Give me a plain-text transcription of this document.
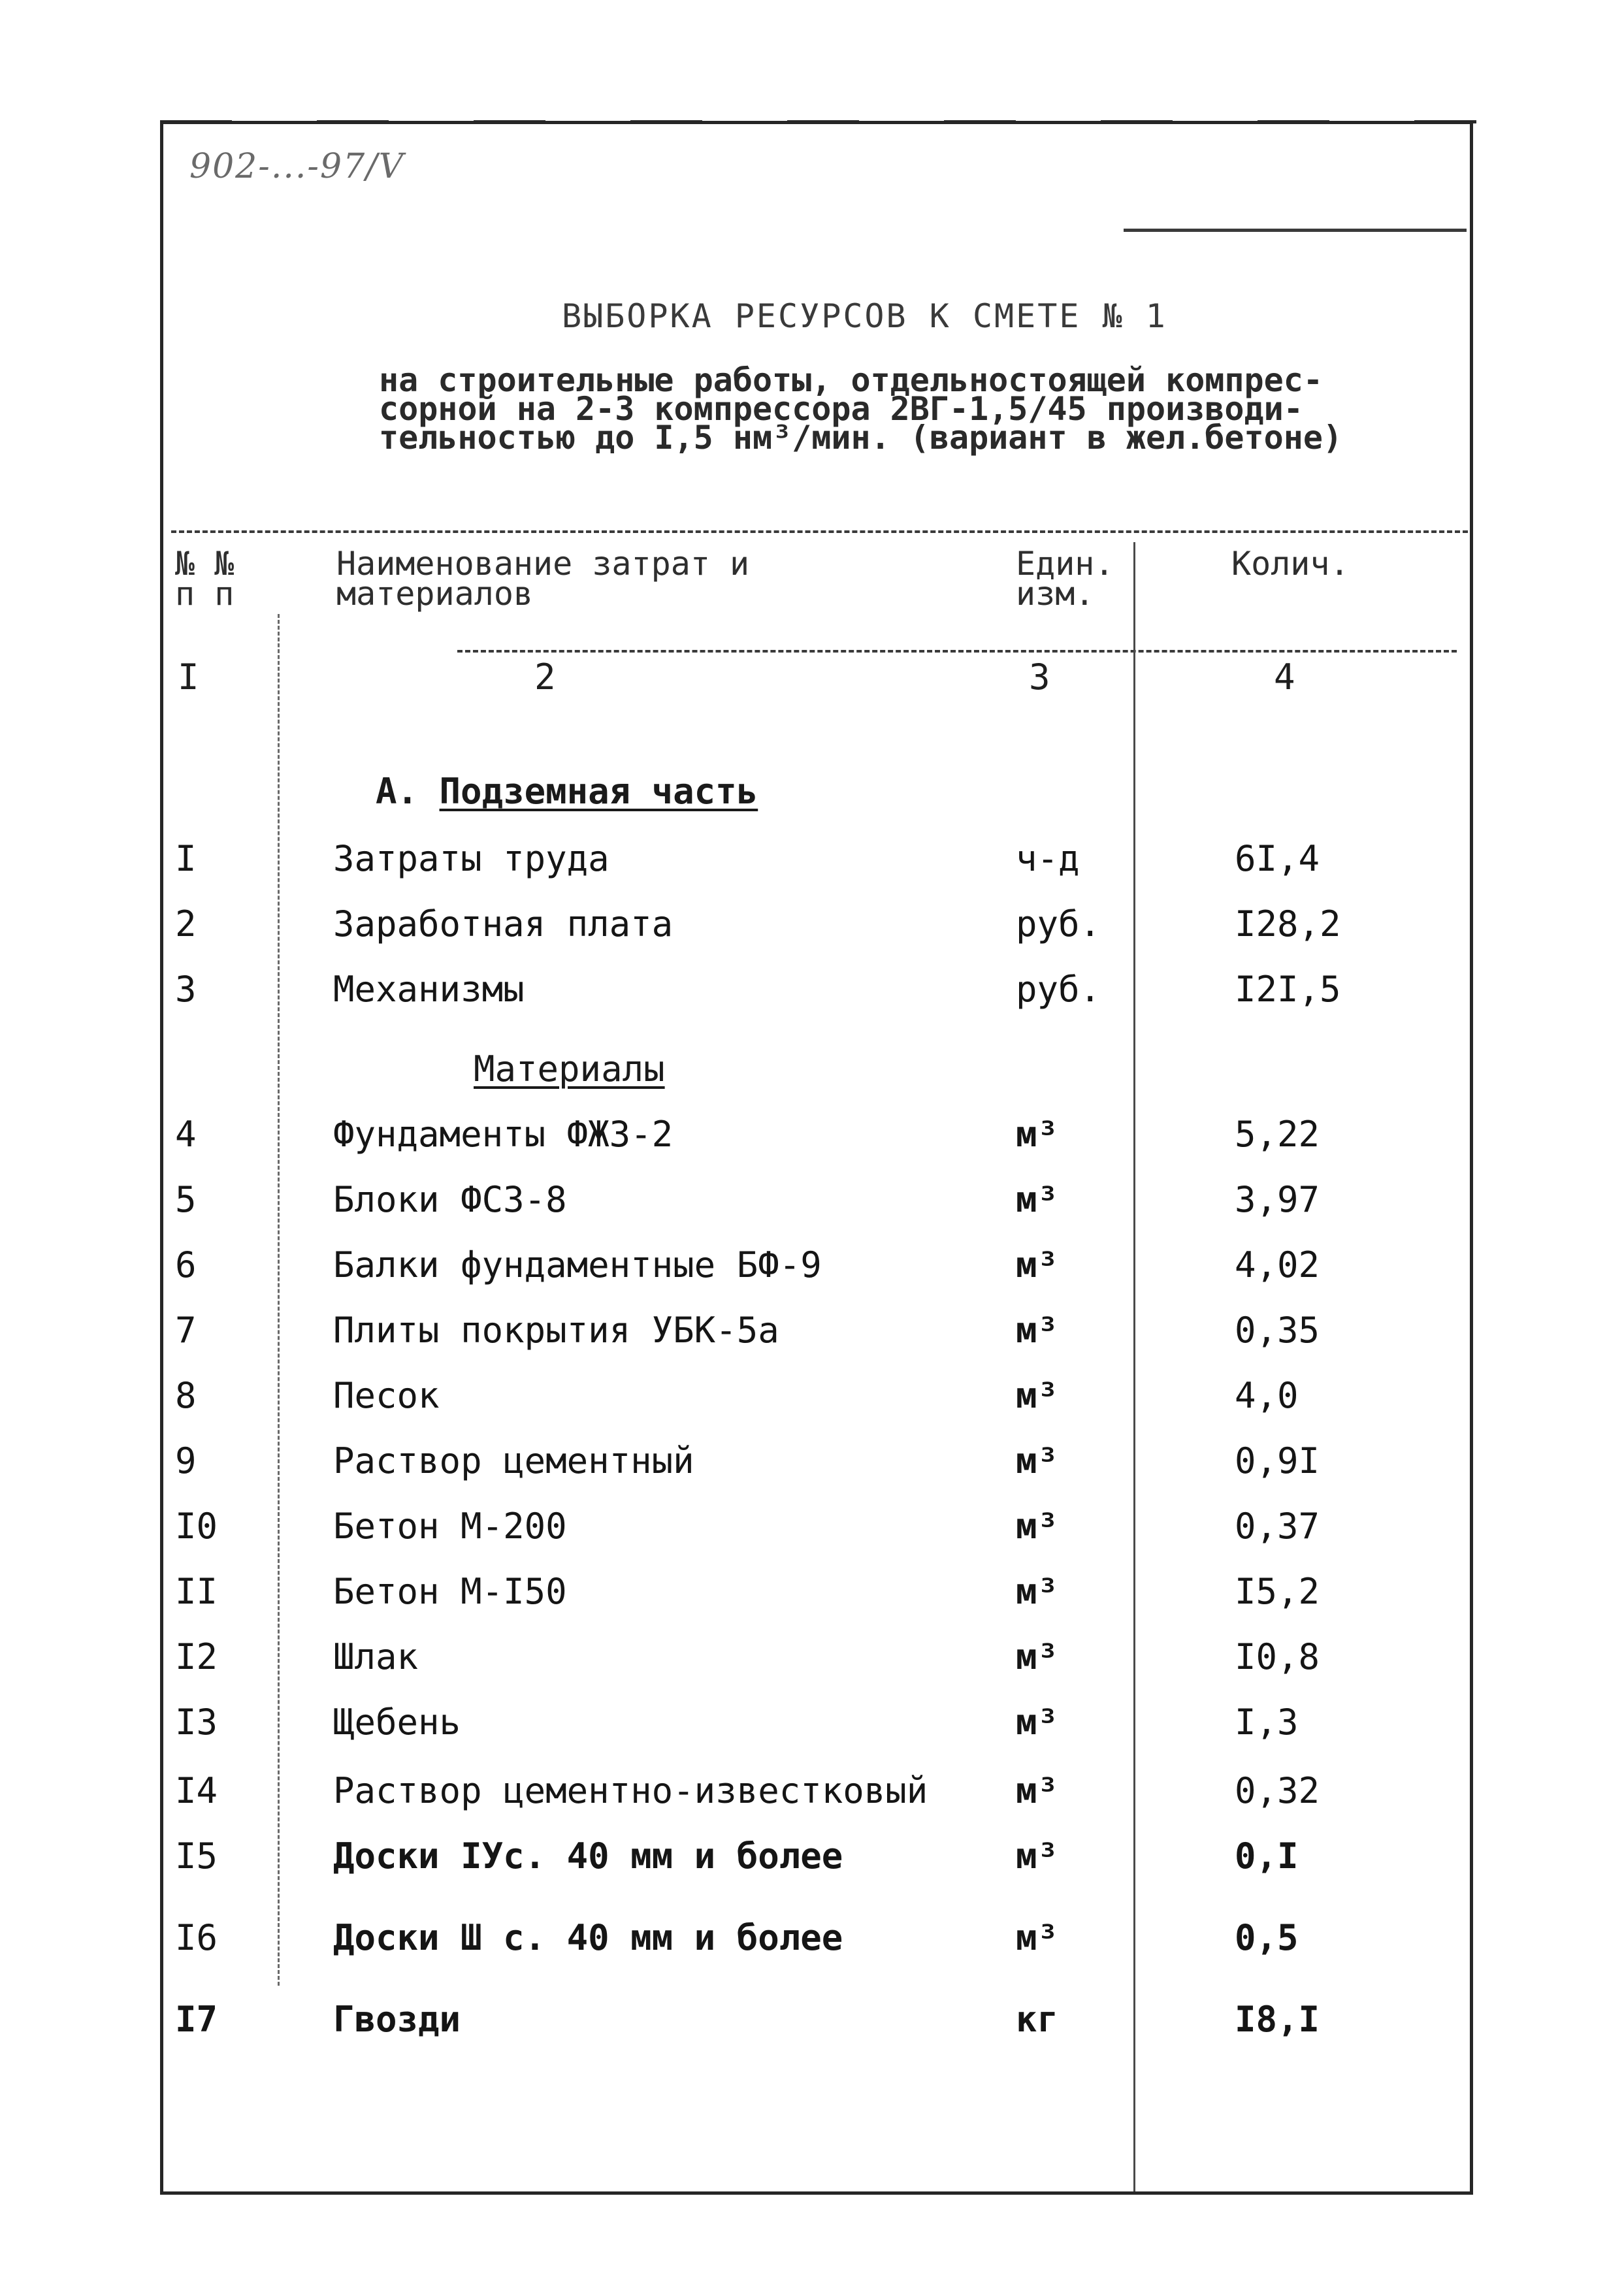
902-...-97/V
ВЫБОРКА РЕСУРСОВ К СМЕТЕ № 1
на строительные работы, отдельностоящей компрес-
сорной на 2-3 компрессора 2ВГ-1,5/45 производи-
тельностью до I,5 нм³/мин. (вариант в жел.бетоне)
№ №
п п
Наименование затрат и
материалов
Един.
изм.
Колич.
I	2	3	4
А. Подземная часть
I	Затраты труда	ч-д	6I,4
2	Заработная плата	руб.	I28,2
3	Механизмы	руб.	I2I,5
Материалы
4	Фундаменты ФЖЗ-2	м³	5,22
5	Блоки ФСЗ-8	м³	3,97
6	Балки фундаментные БФ-9	м³	4,02
7	Плиты покрытия УБК-5а	м³	0,35
8	Песок	м³	4,0
9	Раствор цементный	м³	0,9I
I0	Бетон М-200	м³	0,37
II	Бетон М-I50	м³	I5,2
I2	Шлак	м³	I0,8
I3	Щебень	м³	I,3
I4	Раствор цементно-известковый м³	0,32
I5	Доски IУс. 40 мм и более	м³	0,I
I6	Доски Ш с. 40 мм и более	м³	0,5
I7	Гвозди	кг	I8,I
